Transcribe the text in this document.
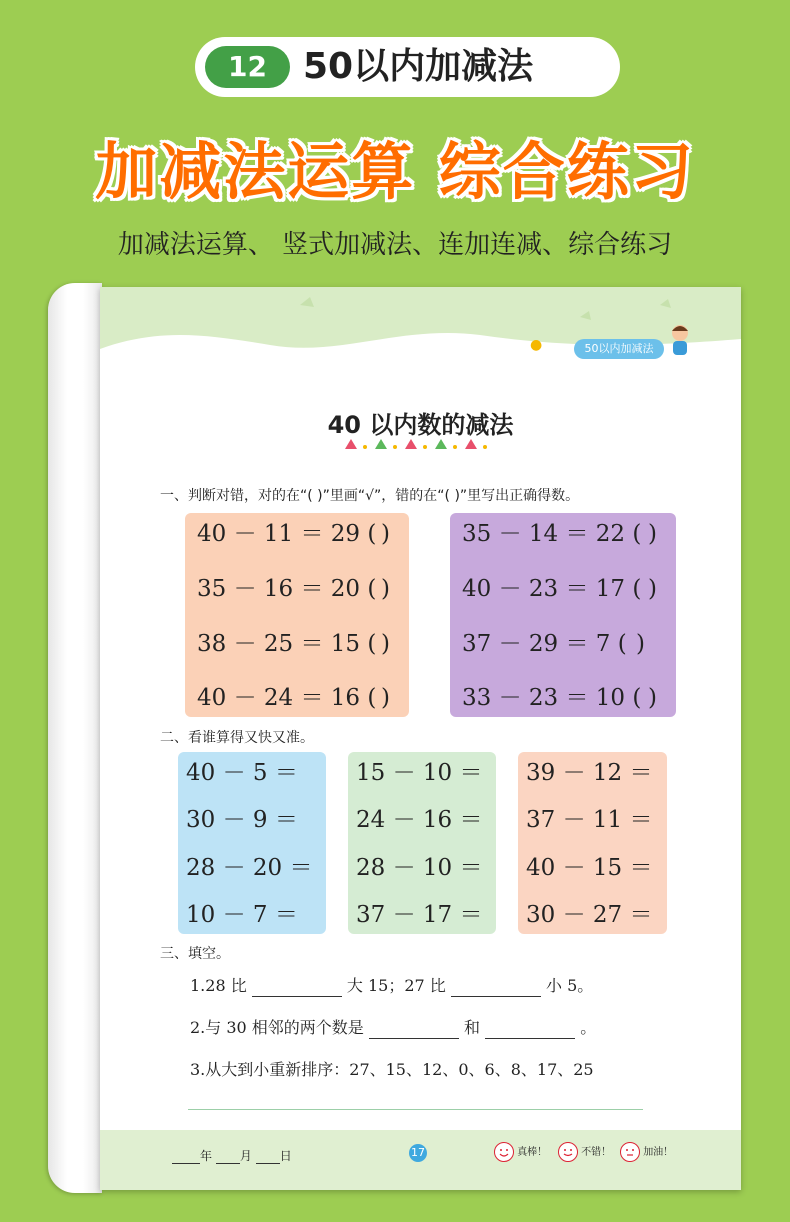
12	50以内加减法
加减法运算 综合练习
加减法运算、 竖式加减法、连加连减、综合练习
●	50以内加减法
40 以内数的减法
一、判断对错，对的在“( )”里画“√”，错的在“( )”里写出正确得数。
40 － 11 ＝ 29 ( )
35 － 16 ＝ 20 ( )
38 － 25 ＝ 15 ( )
40 － 24 ＝ 16 ( )
35 － 14 ＝ 22 ( )
40 － 23 ＝ 17 ( )
37 － 29 ＝ 7 ( )
33 － 23 ＝ 10 ( )
二、看谁算得又快又准。
40 － 5 ＝
30 － 9 ＝
28 － 20 ＝
10 － 7 ＝
15 － 10 ＝
24 － 16 ＝
28 － 10 ＝
37 － 17 ＝
39 － 12 ＝
37 － 11 ＝
40 － 15 ＝
30 － 27 ＝
三、填空。
1.28 比	大 15；27 比	小 5。
2.与 30 相邻的两个数是	和	。
3.从大到小重新排序：27、15、12、0、6、8、17、25
年 月 日	17	真棒！	不错！	加油！
